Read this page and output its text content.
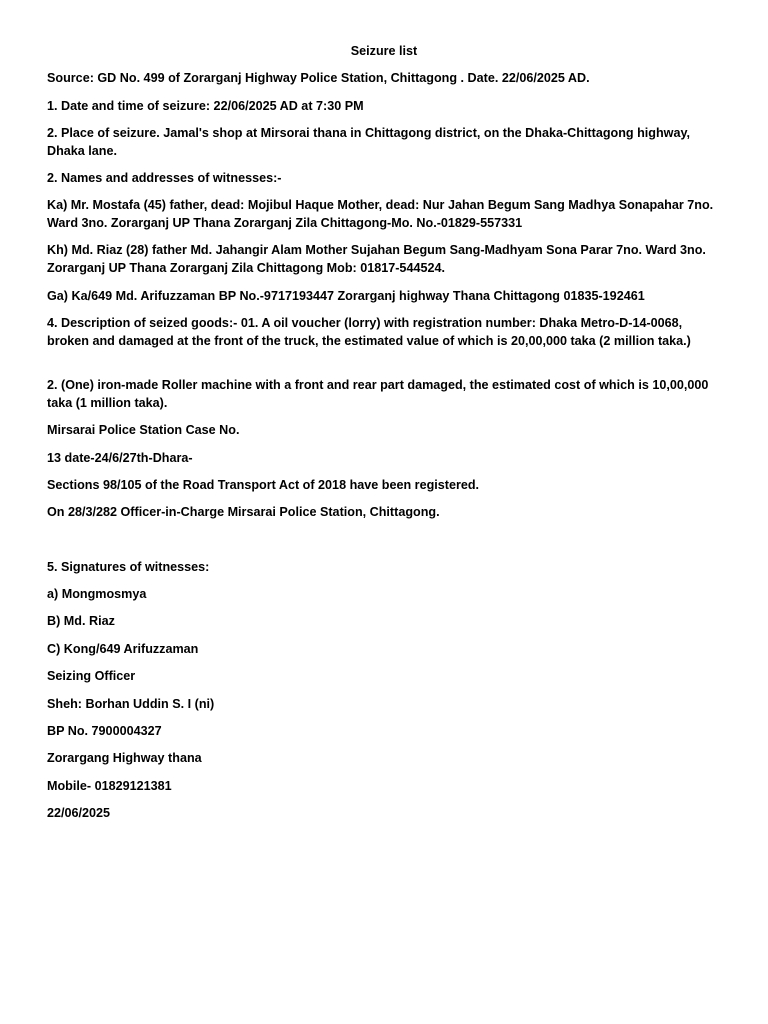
Seizure list

Source: GD No. 499 of Zorarganj Highway Police Station, Chittagong . Date. 22/06/2025 AD.

1. Date and time of seizure: 22/06/2025 AD at 7:30 PM

2. Place of seizure. Jamal's shop at Mirsorai thana in Chittagong district, on the Dhaka-Chittagong highway, Dhaka lane.

2. Names and addresses of witnesses:-

Ka) Mr. Mostafa (45) father, dead: Mojibul Haque Mother, dead: Nur Jahan Begum Sang Madhya Sonapahar 7no. Ward 3no. Zorarganj UP Thana Zorarganj Zila Chittagong-Mo. No.-01829-557331

Kh) Md. Riaz (28) father Md. Jahangir Alam Mother Sujahan Begum Sang-Madhyam Sona Parar 7no. Ward 3no. Zorarganj UP Thana Zorarganj Zila Chittagong Mob: 01817-544524.

Ga) Ka/649 Md. Arifuzzaman BP No.-9717193447 Zorarganj highway Thana Chittagong 01835-192461

4. Description of seized goods:- 01. A oil voucher (lorry) with registration number: Dhaka Metro-D-14-0068, broken and damaged at the front of the truck, the estimated value of which is 20,00,000 taka (2 million taka.)

2. (One) iron-made Roller machine with a front and rear part damaged, the estimated cost of which is 10,00,000 taka (1 million taka).

Mirsarai Police Station Case No.

13 date-24/6/27th-Dhara-

Sections 98/105 of the Road Transport Act of 2018 have been registered.

On 28/3/282 Officer-in-Charge Mirsarai Police Station, Chittagong.

5. Signatures of witnesses:

a) Mongmosmya

B) Md. Riaz

C) Kong/649 Arifuzzaman

Seizing Officer

Sheh: Borhan Uddin S. I (ni)

BP No. 7900004327

Zorargang Highway thana

Mobile- 01829121381

22/06/2025
